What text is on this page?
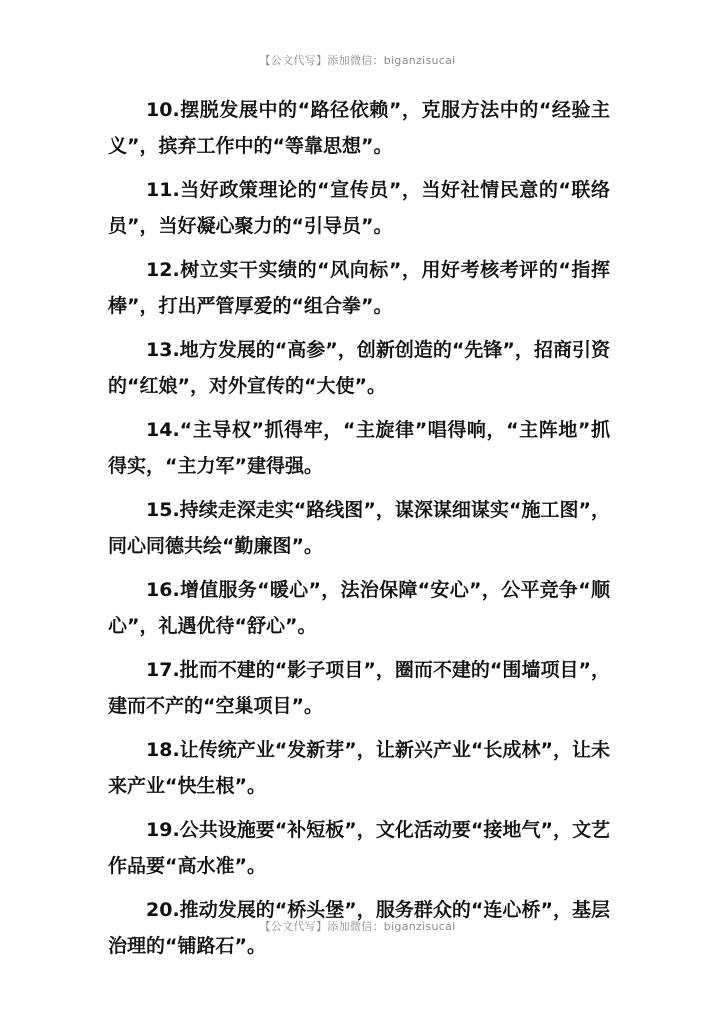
【公文代写】添加微信：biganzisucai

10.摆脱发展中的“路径依赖”，克服方法中的“经验主义”，摈弃工作中的“等靠思想”。

11.当好政策理论的“宣传员”，当好社情民意的“联络员”，当好凝心聚力的“引导员”。

12.树立实干实绩的“风向标”，用好考核考评的“指挥棒”，打出严管厚爱的“组合拳”。

13.地方发展的“高参”，创新创造的“先锋”，招商引资的“红娘”，对外宣传的“大使”。

14.“主导权”抓得牢，“主旋律”唱得响，“主阵地”抓得实，“主力军”建得强。

15.持续走深走实“路线图”，谋深谋细谋实“施工图”，同心同德共绘“勤廉图”。

16.增值服务“暖心”，法治保障“安心”，公平竞争“顺心”，礼遇优待“舒心”。

17.批而不建的“影子项目”，圈而不建的“围墙项目”，建而不产的“空巢项目”。

18.让传统产业“发新芽”，让新兴产业“长成林”，让未来产业“快生根”。

19.公共设施要“补短板”，文化活动要“接地气”，文艺作品要“高水准”。

20.推动发展的“桥头堡”，服务群众的“连心桥”，基层治理的“铺路石”。

【公文代写】添加微信：biganzisucai
